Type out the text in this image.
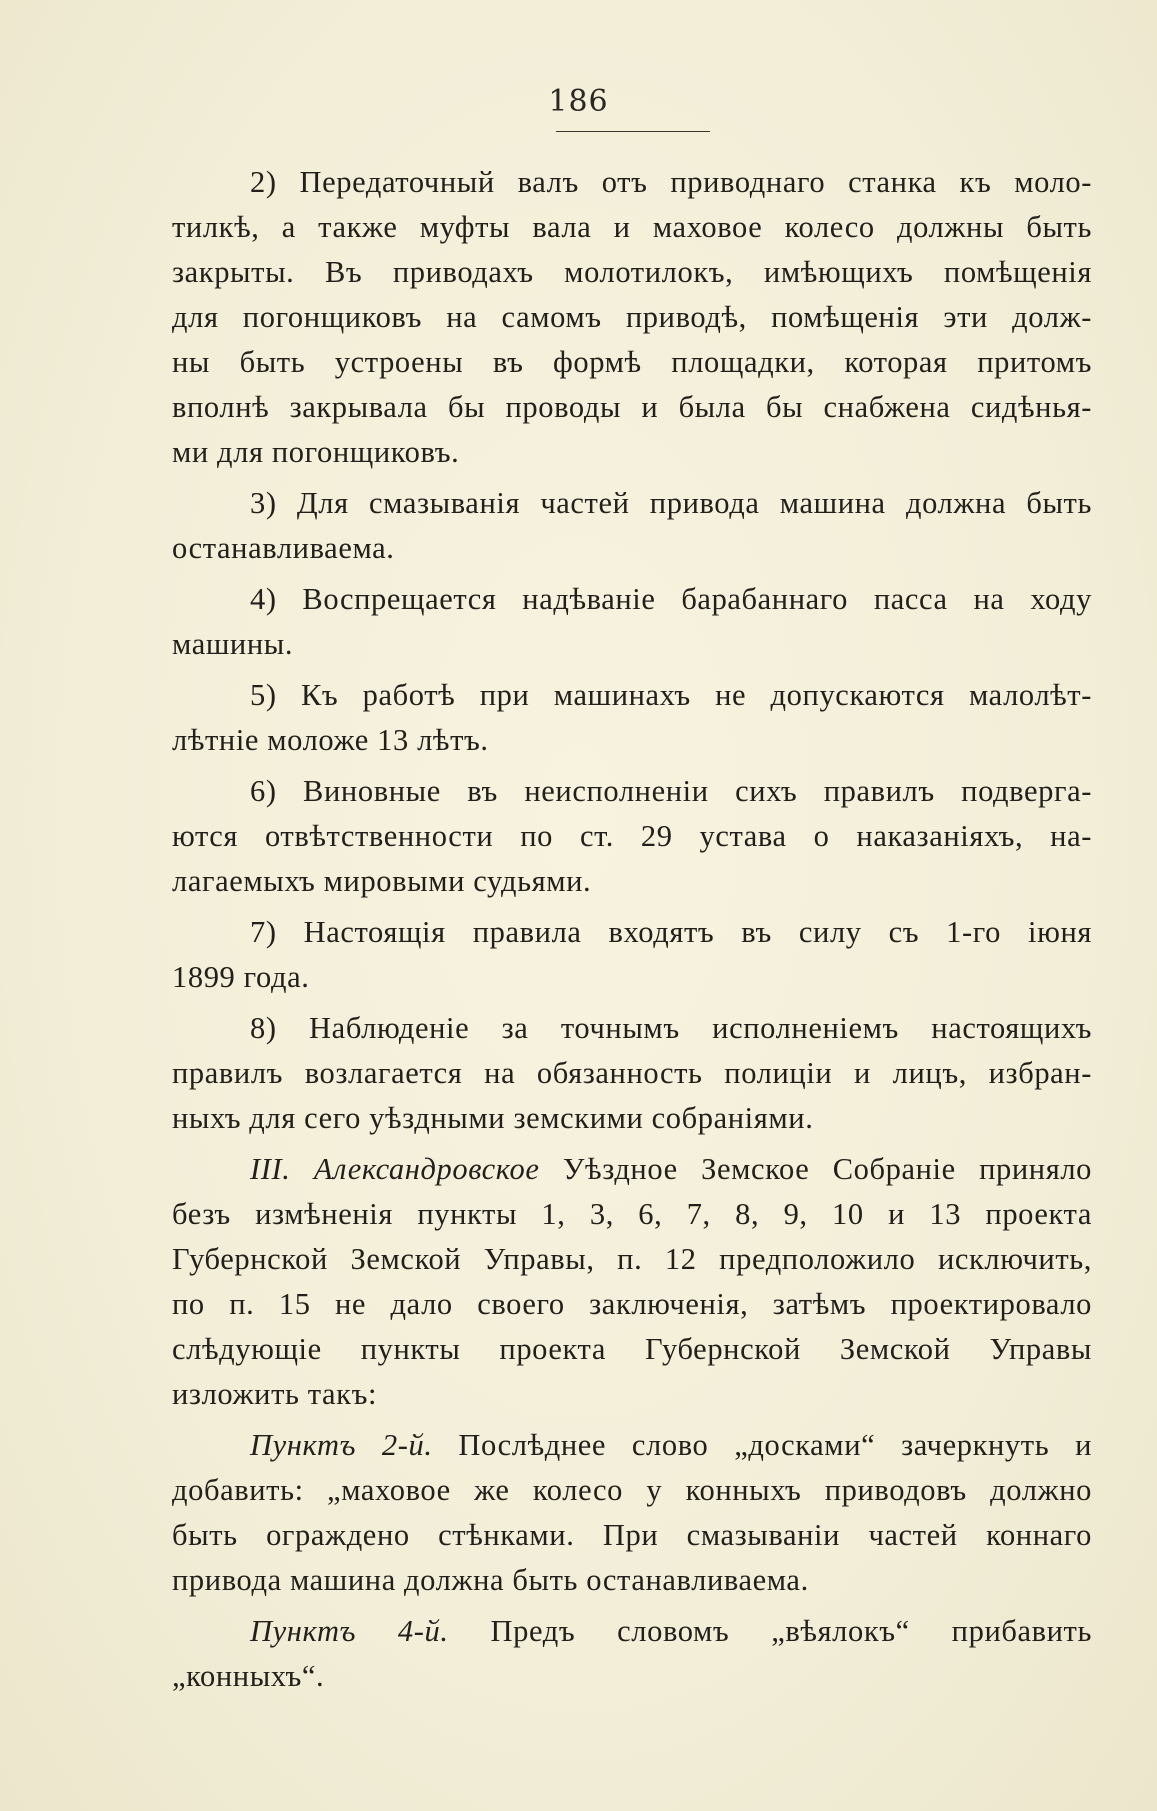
186
2) Передаточный валъ отъ приводнаго станка къ моло-
тилкѣ, а также муфты вала и маховое колесо должны быть
закрыты. Въ приводахъ молотилокъ, имѣющихъ помѣщенія
для погонщиковъ на самомъ приводѣ, помѣщенія эти долж-
ны быть устроены въ формѣ площадки, которая притомъ
вполнѣ закрывала бы проводы и была бы снабжена сидѣнья-
ми для погонщиковъ.
3) Для смазыванія частей привода машина должна быть
останавливаема.
4) Воспрещается надѣваніе барабаннаго пасса на ходу
машины.
5) Къ работѣ при машинахъ не допускаются малолѣт-
лѣтніе моложе 13 лѣтъ.
6) Виновные въ неисполненіи сихъ правилъ подверга-
ются отвѣтственности по ст. 29 устава о наказаніяхъ, на-
лагаемыхъ мировыми судьями.
7) Настоящія правила входятъ въ силу съ 1-го іюня
1899 года.
8) Наблюденіе за точнымъ исполненіемъ настоящихъ
правилъ возлагается на обязанность полиціи и лицъ, избран-
ныхъ для сего уѣздными земскими собраніями.
III. Александровское Уѣздное Земское Собраніе приняло
безъ измѣненія пункты 1, 3, 6, 7, 8, 9, 10 и 13 проекта
Губернской Земской Управы, п. 12 предположило исключить,
по п. 15 не дало своего заключенія, затѣмъ проектировало
слѣдующіе пункты проекта Губернской Земской Управы
изложить такъ:
Пунктъ 2-й. Послѣднее слово „досками“ зачеркнуть и
добавить: „маховое же колесо у конныхъ приводовъ должно
быть ограждено стѣнками. При смазываніи частей коннаго
привода машина должна быть останавливаема.
Пунктъ 4-й. Предъ словомъ „вѣялокъ“ прибавить
„конныхъ“.
